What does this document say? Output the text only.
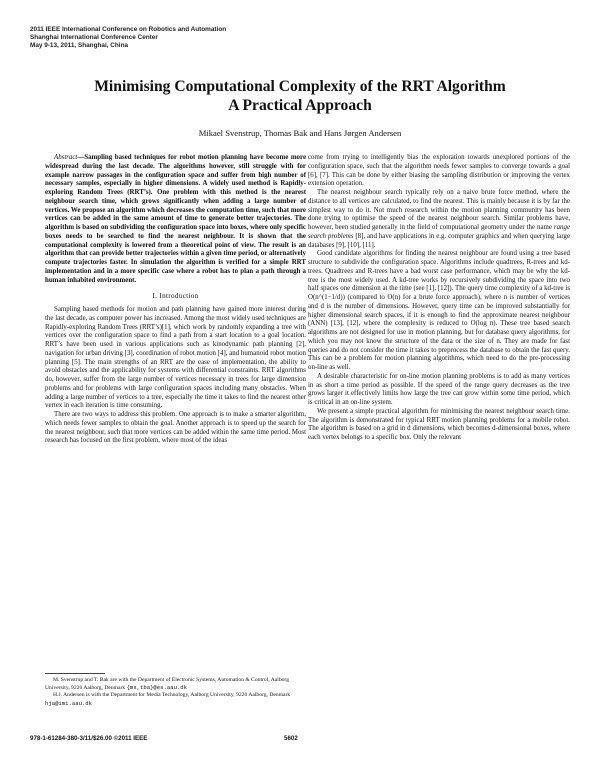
2011 IEEE International Conference on Robotics and Automation
Shanghai International Conference Center
May 9-13, 2011, Shanghai, China
Minimising Computational Complexity of the RRT Algorithm
A Practical Approach
Mikael Svenstrup, Thomas Bak and Hans Jørgen Andersen

Abstract—Sampling based techniques for robot motion planning have become more widespread during the last decade. The algorithms however, still struggle with for example narrow passages in the configuration space and suffer from high number of necessary samples, especially in higher dimensions. A widely used method is Rapidly-exploring Random Trees (RRT’s). One problem with this method is the nearest neighbour search time, which grows significantly when adding a large number of vertices. We propose an algorithm which decreases the computation time, such that more vertices can be added in the same amount of time to generate better trajectories. The algorithm is based on subdividing the configuration space into boxes, where only specific boxes needs to be searched to find the nearest neighbour. It is shown that the computational complexity is lowered from a theoretical point of view. The result is an algorithm that can provide better trajectories within a given time period, or alternatively compute trajectories faster. In simulation the algorithm is verified for a simple RRT implementation and in a more specific case where a robot has to plan a path through a human inhabited environment.

I. Introduction

Sampling based methods for motion and path planning have gained more interest during the last decade, as computer power has increased. Among the most widely used techniques are Rapidly-exploring Random Trees (RRT’s)[1], which work by randomly expanding a tree with vertices over the configuration space to find a path from a start location to a goal location. RRT’s have been used in various applications such as kinodynamic path planning [2], navigation for urban driving [3], coordination of robot motion [4], and humanoid robot motion planning [5]. The main strengths of an RRT are the ease of implementation, the ability to avoid obstacles and the applicability for systems with differential constraints. RRT algorithms do, however, suffer from the large number of vertices necessary in trees for large dimension problems and for problems with large configuration spaces including many obstacles. When adding a large number of vertices to a tree, especially the time it takes to find the nearest other vertex in each iteration is time consuming.

There are two ways to address this problem. One approach is to make a smarter algorithm, which needs fewer samples to obtain the goal. Another approach is to speed up the search for the nearest neighbour, such that more vertices can be added within the same time period. Most research has focused on the first problem, where most of the ideas

come from trying to intelligently bias the exploration towards unexplored portions of the configuration space, such that the algorithm needs fewer samples to converge towards a goal [6], [7]. This can be done by either biasing the sampling distribution or improving the vertex extension operation.

The nearest neighbour search typically rely on a naive brute force method, where the distance to all vertices are calculated, to find the nearest. This is mainly because it is by far the simplest way to do it. Not much research within the motion planning community has been done trying to optimise the speed of the nearest neighbour search. Similar problems have, however, been studied generally in the field of computational geometry under the name range search problems [8], and have applications in e.g. computer graphics and when querying large databases [9], [10], [11].

Good candidate algorithms for finding the nearest neighbour are found using a tree based structure to subdivide the configuration space. Algorithms include quadtrees, R-trees and kd-trees. Quadtrees and R-trees have a bad worst case performance, which may be why the kd-tree is the most widely used. A kd-tree works by recursively subdividing the space into two half spaces one dimension at the time (see [1], [12]). The query time complexity of a kd-tree is O(n^(1−1/d)) (compared to O(n) for a brute force approach), where n is number of vertices and d is the number of dimensions. However, query time can be improved substantially for higher dimensional search spaces, if it is enough to find the approximate nearest neighbour (ANN) [13], [12], where the complexity is reduced to O(log n). These tree based search algorithms are not designed for use in motion planning, but for database query algorithms, for which you may not know the structure of the data or the size of n. They are made for fast queries and do not consider the time it takes to preprocess the database to obtain the fast query. This can be a problem for motion planning algorithms, which need to do the pre-processing on-line as well.

A desirable characteristic for on-line motion planning problems is to add as many vertices in as short a time period as possible. If the speed of the range query decreases as the tree grows larger it effectively limits how large the tree can grow within some time period, which is critical in an on-line system.

We present a simple practical algorithm for minimising the nearest neighbour search time. The algorithm is demonstrated for typical RRT motion planning problems for a mobile robot. The algorithm is based on a grid in d dimensions, which becomes d-dimensional boxes, where each vertex belongs to a specific box. Only the relevant

M. Svenstrup and T. Bak are with the Department of Electronic Systems, Automation & Control, Aalborg University, 9220 Aalborg, Denmark {ms,tba}@es.aau.dk

H.J. Andersen is with the Department for Media Technology, Aalborg University, 9220 Aalborg, Denmark hja@imi.aau.dk

978-1-61284-380-3/11/$26.00 ©2011 IEEE	5602
